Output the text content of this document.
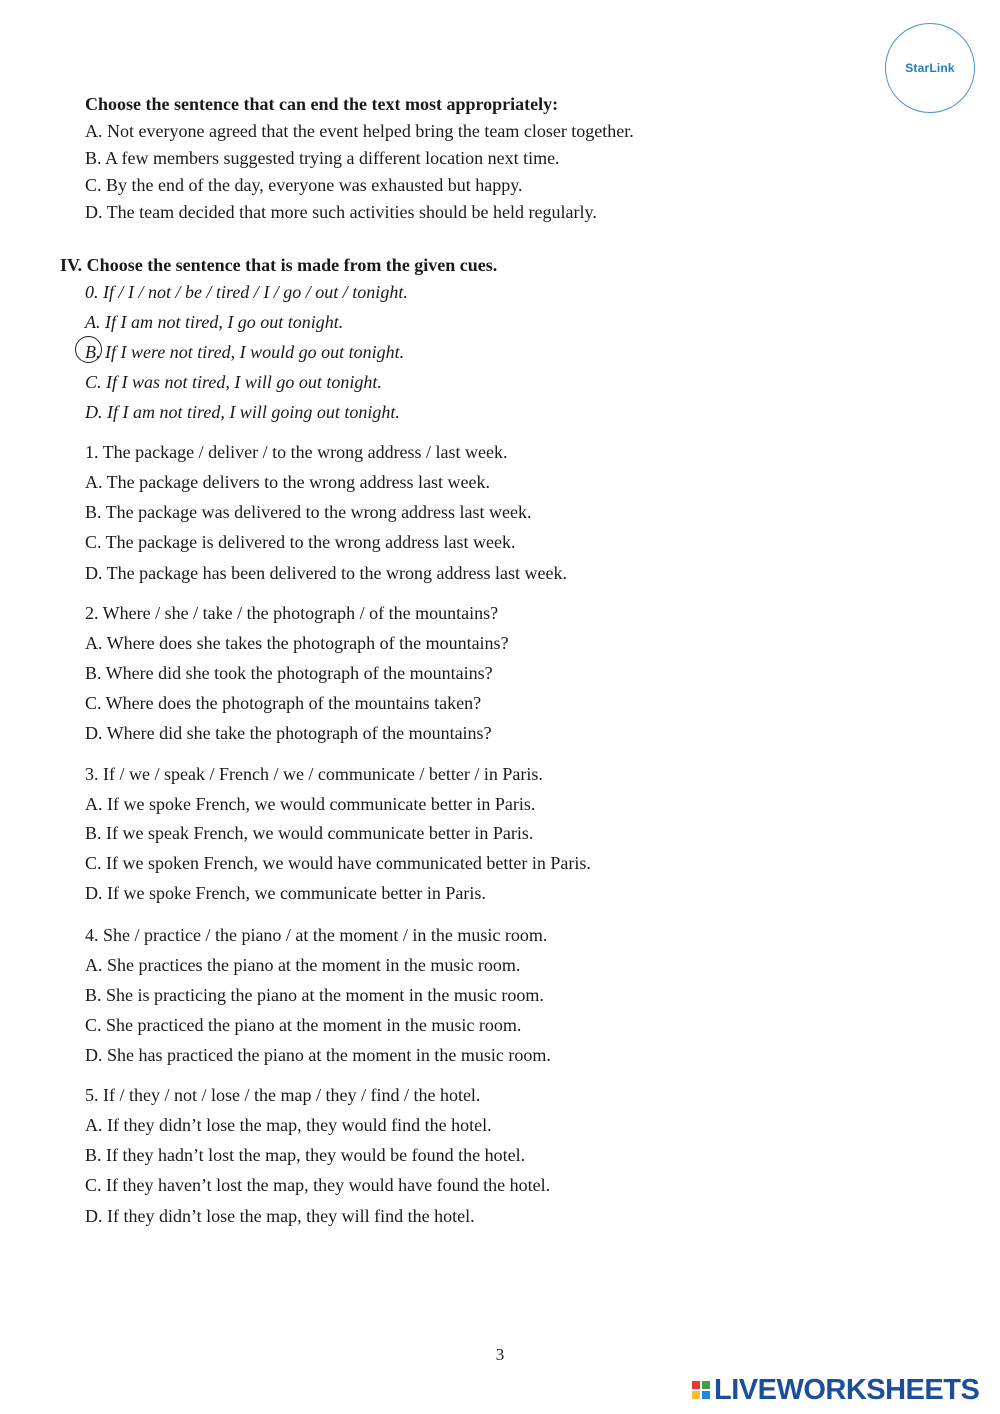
StarLink
Choose the sentence that can end the text most appropriately:
A. Not everyone agreed that the event helped bring the team closer together.
B. A few members suggested trying a different location next time.
C. By the end of the day, everyone was exhausted but happy.
D. The team decided that more such activities should be held regularly.
IV. Choose the sentence that is made from the given cues.
0. If / I / not / be / tired / I / go / out / tonight.
A. If I am not tired, I go out tonight.
B. If I were not tired, I would go out tonight.
C. If I was not tired, I will go out tonight.
D. If I am not tired, I will going out tonight.
1. The package / deliver / to the wrong address / last week.
A. The package delivers to the wrong address last week.
B. The package was delivered to the wrong address last week.
C. The package is delivered to the wrong address last week.
D. The package has been delivered to the wrong address last week.
2. Where / she / take / the photograph / of the mountains?
A. Where does she takes the photograph of the mountains?
B. Where did she took the photograph of the mountains?
C. Where does the photograph of the mountains taken?
D. Where did she take the photograph of the mountains?
3. If / we / speak / French / we / communicate / better / in Paris.
A. If we spoke French, we would communicate better in Paris.
B. If we speak French, we would communicate better in Paris.
C. If we spoken French, we would have communicated better in Paris.
D. If we spoke French, we communicate better in Paris.
4. She / practice / the piano / at the moment / in the music room.
A. She practices the piano at the moment in the music room.
B. She is practicing the piano at the moment in the music room.
C. She practiced the piano at the moment in the music room.
D. She has practiced the piano at the moment in the music room.
5. If / they / not / lose / the map / they / find / the hotel.
A. If they didn’t lose the map, they would find the hotel.
B. If they hadn’t lost the map, they would be found the hotel.
C. If they haven’t lost the map, they would have found the hotel.
D. If they didn’t lose the map, they will find the hotel.
3
LIVEWORKSHEETS
